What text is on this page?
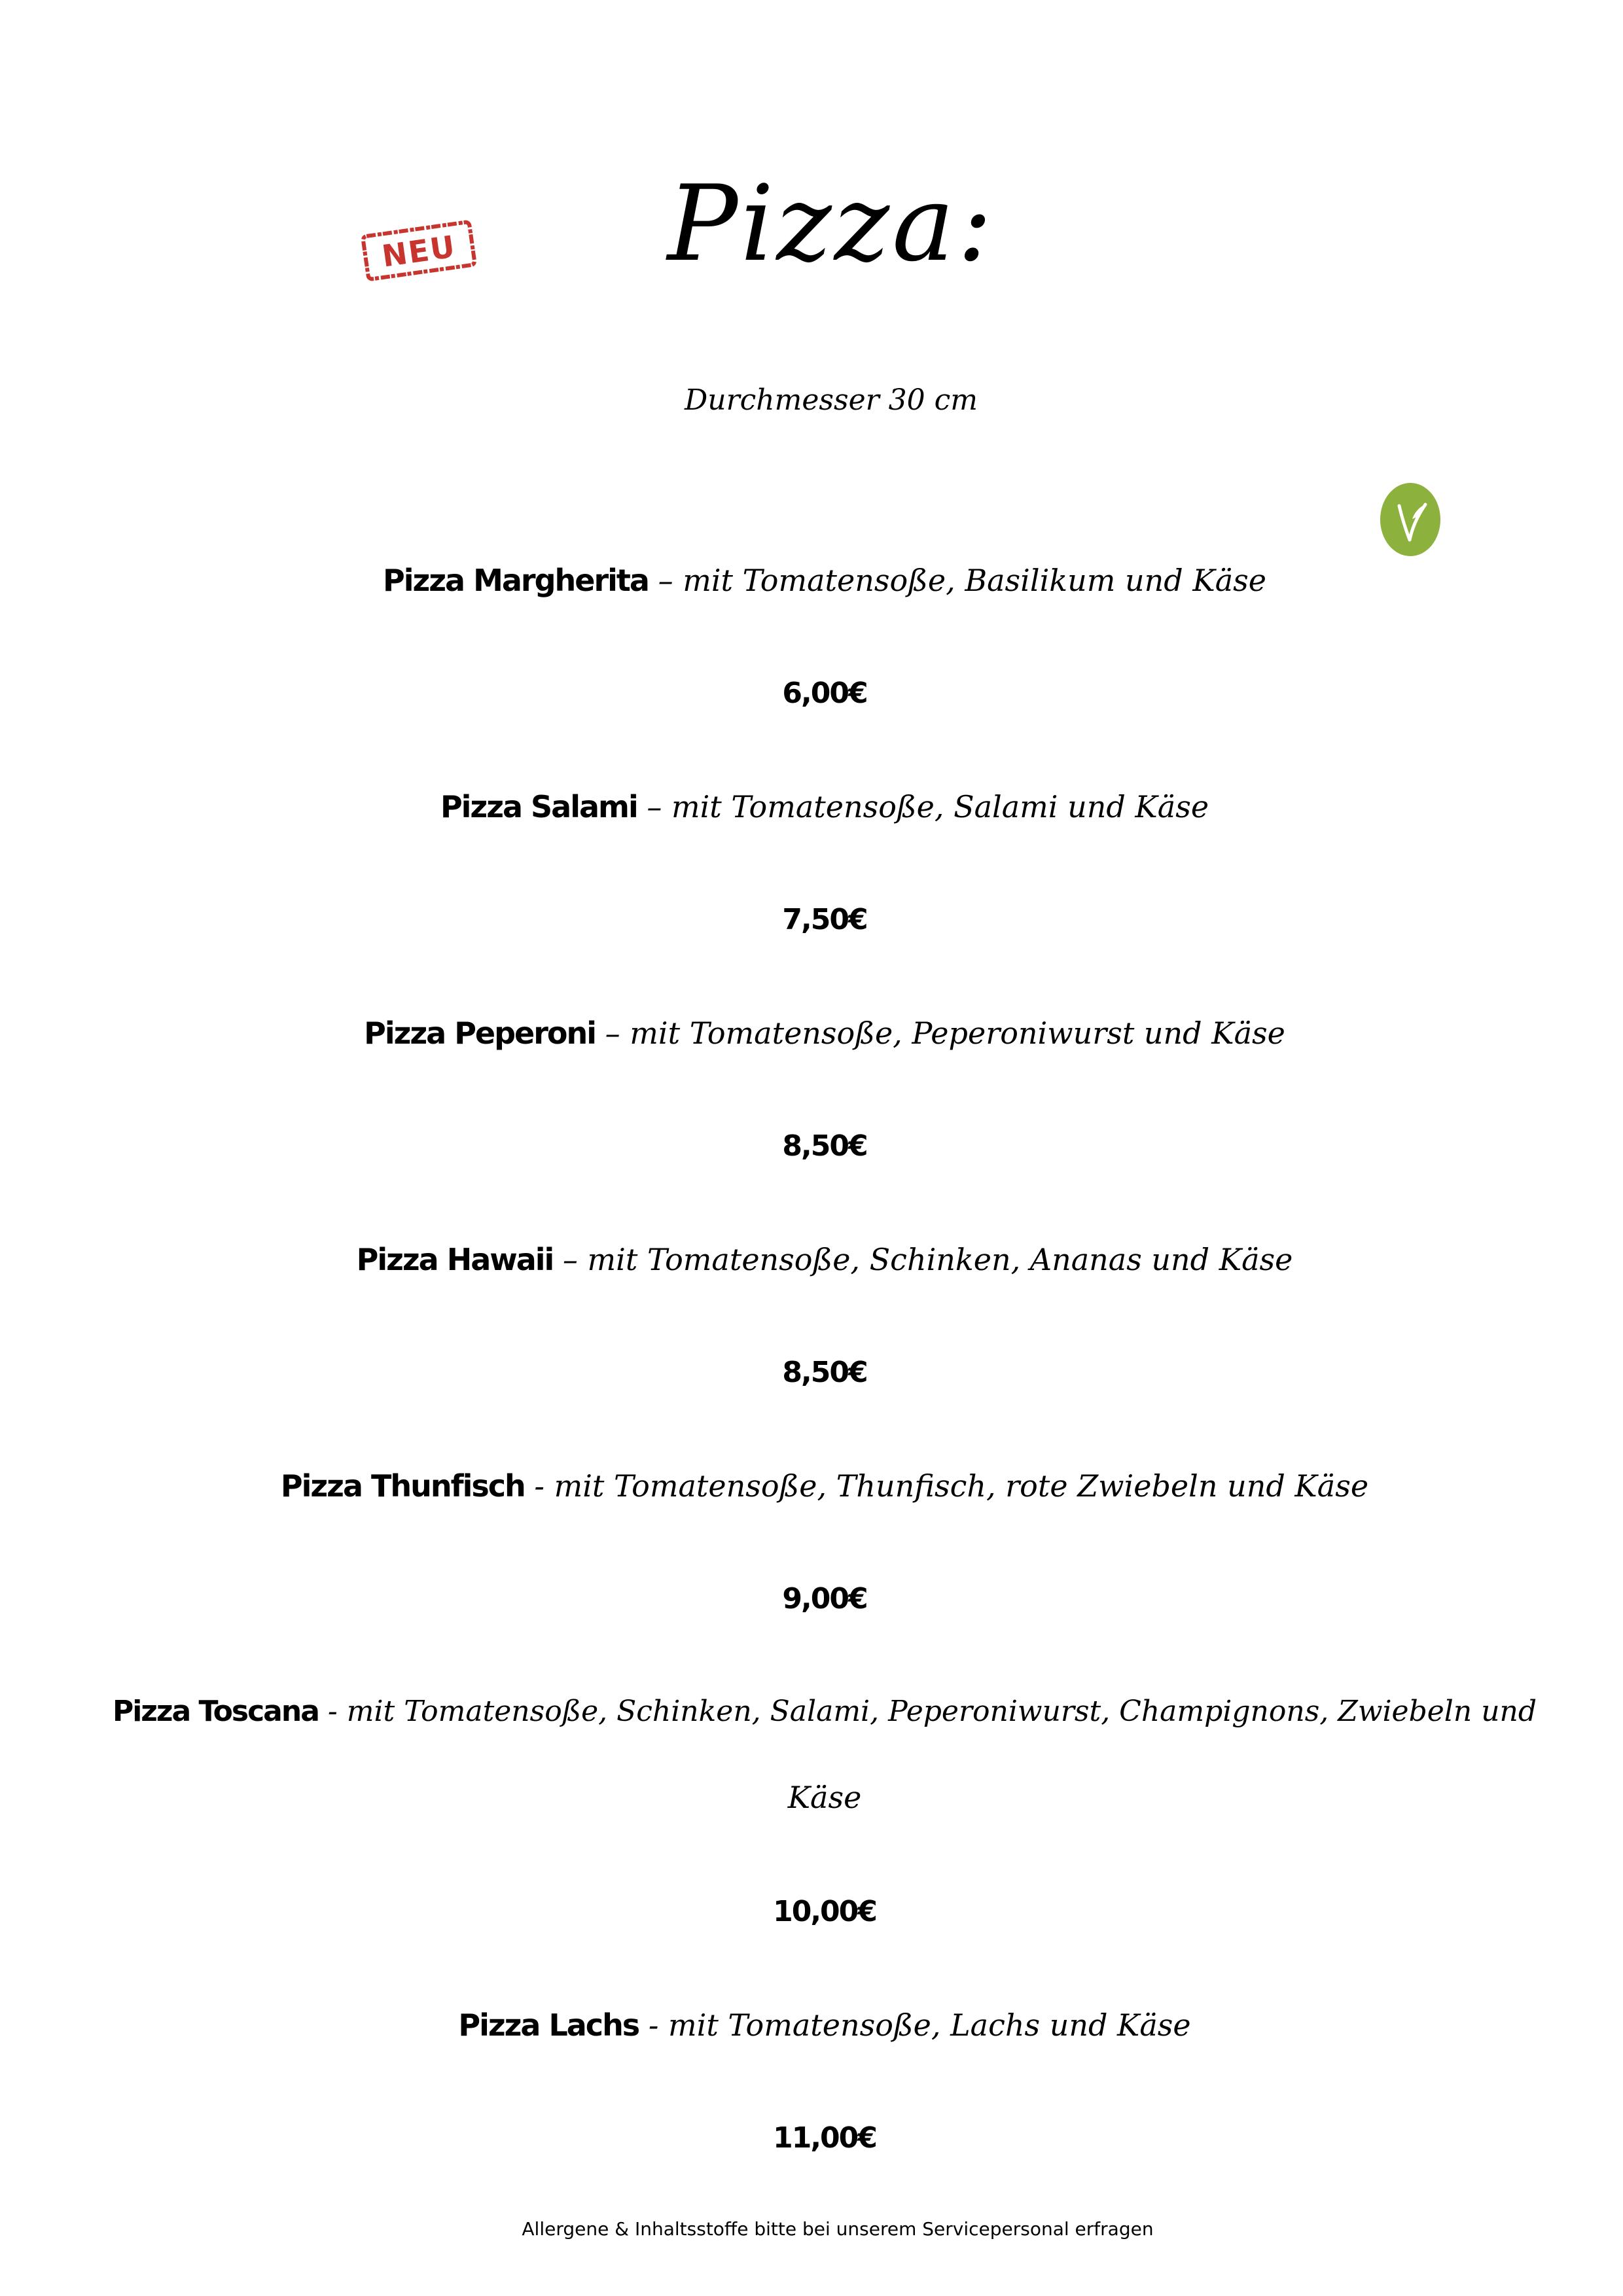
NEU	Pizza:
Durchmesser 30 cm
Pizza Margherita – mit Tomatensoße, Basilikum und Käse
6,00€
Pizza Salami – mit Tomatensoße, Salami und Käse
7,50€
Pizza Peperoni – mit Tomatensoße, Peperoniwurst und Käse
8,50€
Pizza Hawaii – mit Tomatensoße, Schinken, Ananas und Käse
8,50€
Pizza Thunfisch - mit Tomatensoße, Thunfisch, rote Zwiebeln und Käse
9,00€
Pizza Toscana - mit Tomatensoße, Schinken, Salami, Peperoniwurst, Champignons, Zwiebeln und
Käse
10,00€
Pizza Lachs - mit Tomatensoße, Lachs und Käse
11,00€
Allergene & Inhaltsstoffe bitte bei unserem Servicepersonal erfragen
